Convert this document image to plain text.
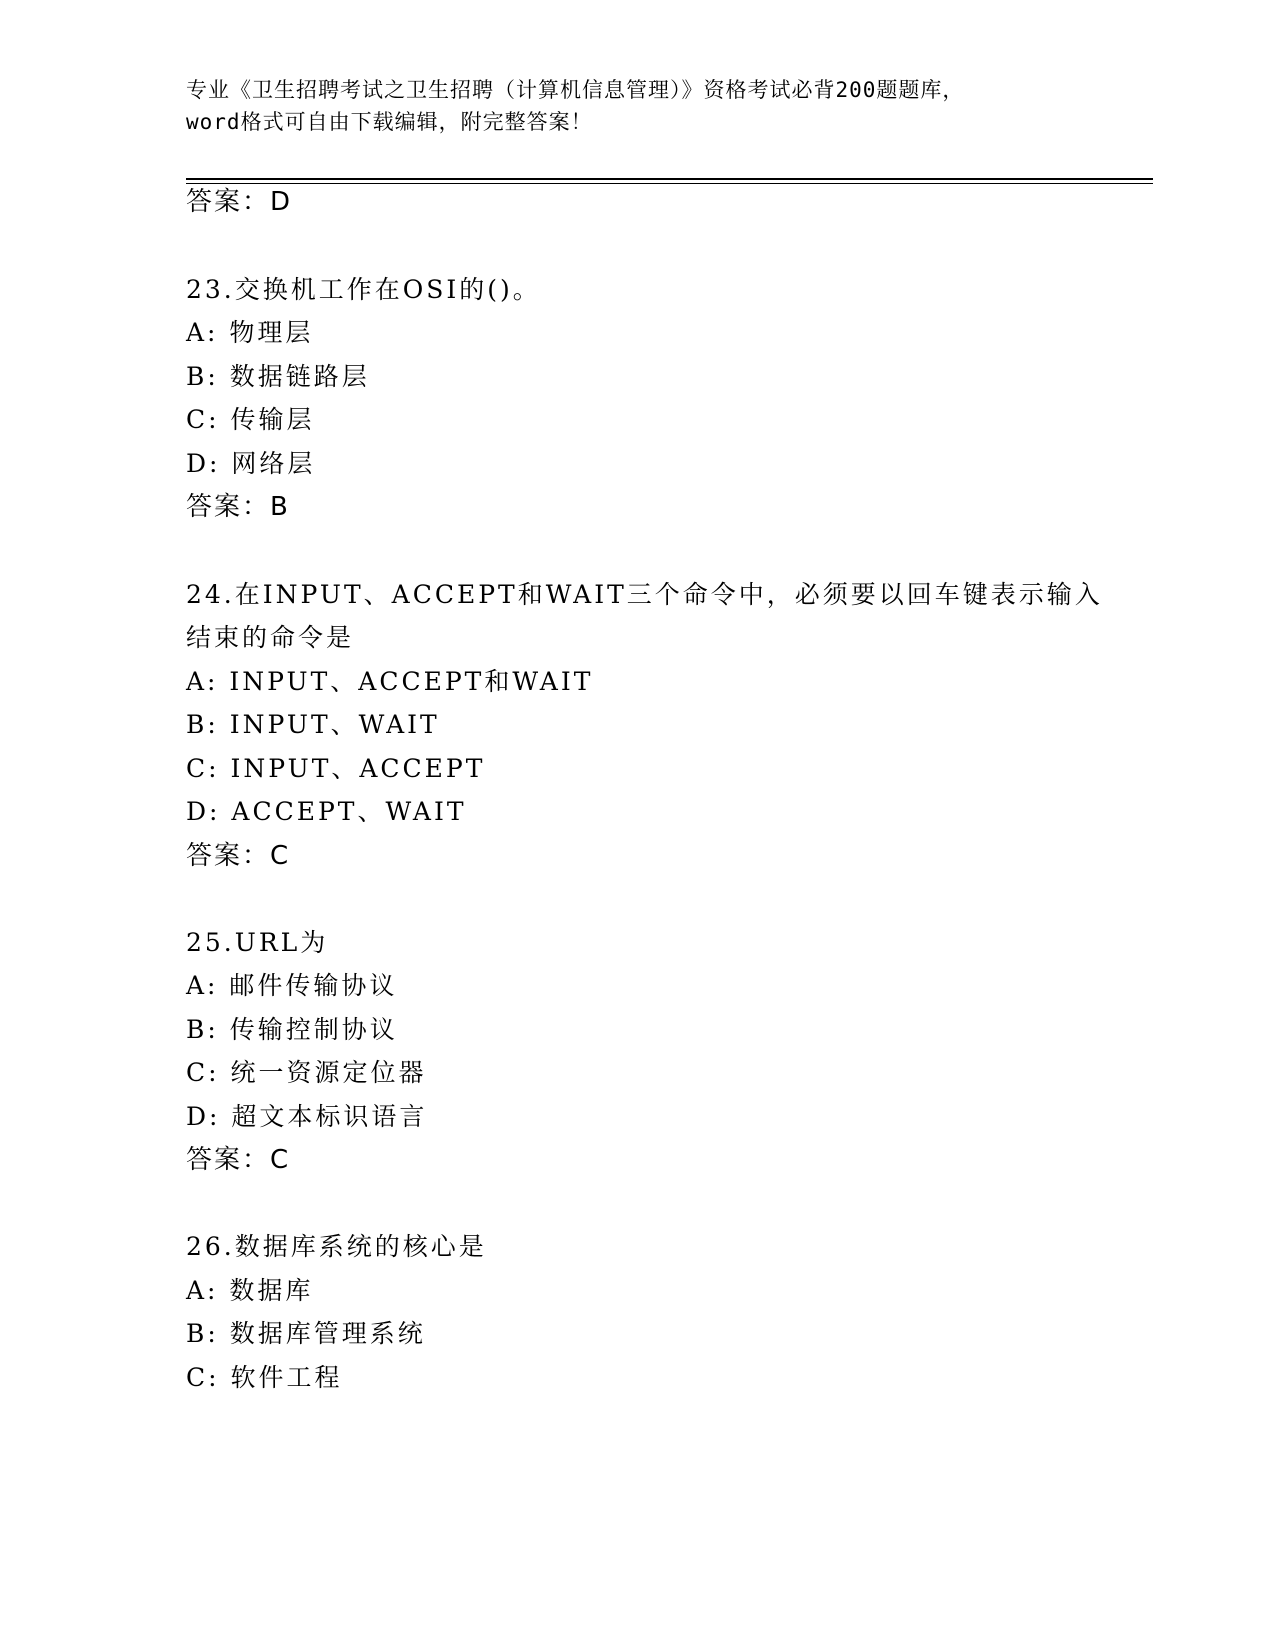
专业《卫生招聘考试之卫生招聘（计算机信息管理）》资格考试必背200题题库，
word格式可自由下载编辑，附完整答案！
答案：D
23.交换机工作在OSI的()。
A: 物理层
B: 数据链路层
C: 传输层
D: 网络层
答案：B
24.在INPUT、ACCEPT和WAIT三个命令中，必须要以回车键表示输入
结束的命令是
A: INPUT、ACCEPT和WAIT
B: INPUT、WAIT
C: INPUT、ACCEPT
D: ACCEPT、WAIT
答案：C
25.URL为
A: 邮件传输协议
B: 传输控制协议
C: 统一资源定位器
D: 超文本标识语言
答案：C
26.数据库系统的核心是
A: 数据库
B: 数据库管理系统
C: 软件工程
